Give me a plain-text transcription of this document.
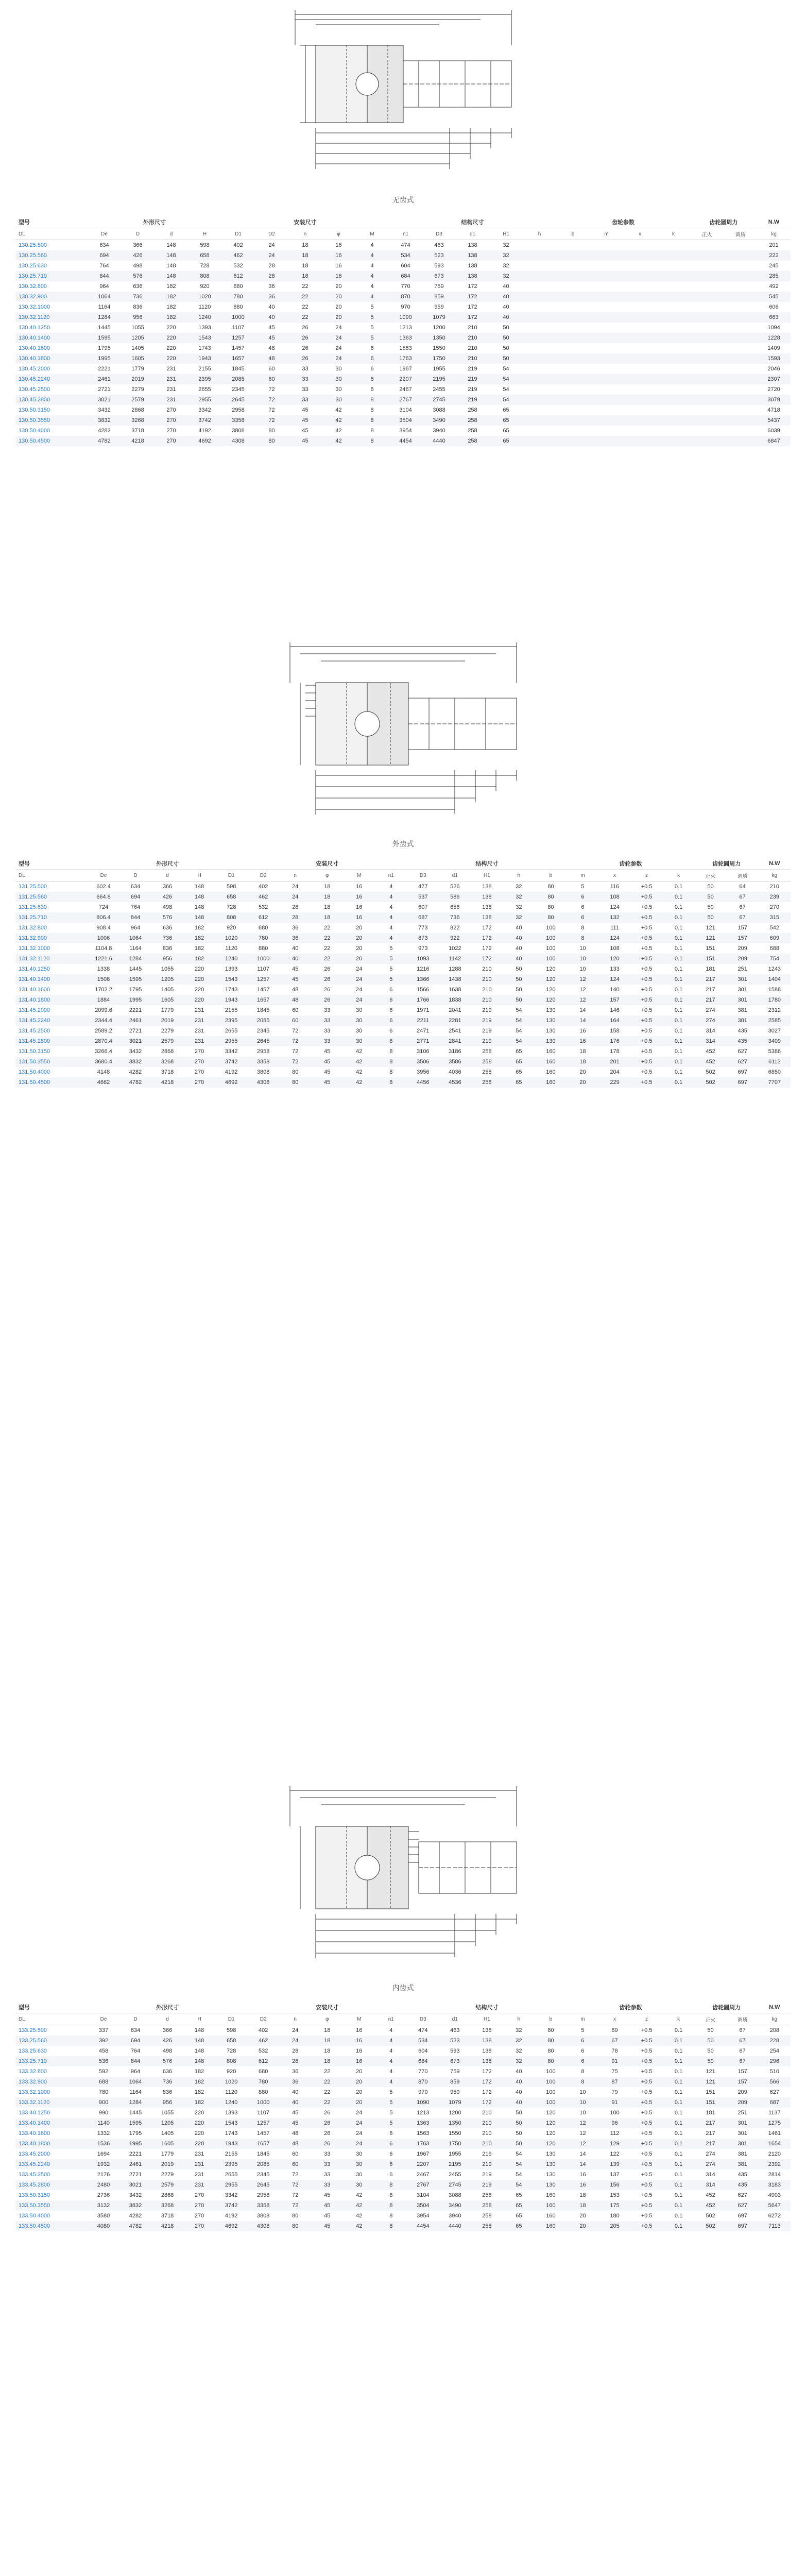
无齿式
型号	外形尺寸				安装尺寸					结构尺寸					齿轮参数				齿轮圆周力		N.W
DL	De	D	d	H	D1	D2	n	φ	M	n1	D3	d1	H1	h	b	m	x	k	正火	调质	kg
130.25.500	634	366	148	598	402	24	18	16	4	474	463	138	32								201
130.25.560	694	426	148	658	462	24	18	16	4	534	523	138	32								222
130.25.630	764	498	148	728	532	28	18	16	4	604	593	138	32								245
130.25.710	844	576	148	808	612	28	18	16	4	684	673	138	32								285
130.32.800	964	636	182	920	680	36	22	20	4	770	759	172	40								492
130.32.900	1064	736	182	1020	780	36	22	20	4	870	859	172	40								545
130.32.1000	1164	836	182	1120	880	40	22	20	5	970	959	172	40								606
130.32.1120	1284	956	182	1240	1000	40	22	20	5	1090	1079	172	40								663
130.40.1250	1445	1055	220	1393	1107	45	26	24	5	1213	1200	210	50								1094
130.40.1400	1595	1205	220	1543	1257	45	26	24	5	1363	1350	210	50								1228
130.40.1600	1795	1405	220	1743	1457	48	26	24	6	1563	1550	210	50								1409
130.40.1800	1995	1605	220	1943	1657	48	26	24	6	1763	1750	210	50								1593
130.45.2000	2221	1779	231	2155	1845	60	33	30	6	1967	1955	219	54								2046
130.45.2240	2461	2019	231	2395	2085	60	33	30	6	2207	2195	219	54								2307
130.45.2500	2721	2279	231	2655	2345	72	33	30	6	2467	2455	219	54								2720
130.45.2800	3021	2579	231	2955	2645	72	33	30	8	2767	2745	219	54								3079
130.50.3150	3432	2868	270	3342	2958	72	45	42	8	3104	3088	258	65								4718
130.50.3550	3832	3268	270	3742	3358	72	45	42	8	3504	3490	258	65								5437
130.50.4000	4282	3718	270	4192	3808	80	45	42	8	3954	3940	258	65								6039
130.50.4500	4782	4218	270	4692	4308	80	45	42	8	4454	4440	258	65								6847
外齿式
型号	外形尺寸					安装尺寸					结构尺寸					齿轮参数				齿轮圆周力		N.W
DL	De	D	d	H	D1	D2	n	φ	M	n1	D3	d1	H1	h	b	m	x	z	k	正火	调质	kg
131.25.500	602.4	634	366	148	598	402	24	18	16	4	477	526	138	32	80	5	116	+0.5	0.1	50	64	210
131.25.560	664.8	694	426	148	658	462	24	18	16	4	537	586	138	32	80	6	108	+0.5	0.1	50	67	239
131.25.630	724	764	498	148	728	532	28	18	16	4	607	656	138	32	80	6	124	+0.5	0.1	50	67	270
131.25.710	806.4	844	576	148	808	612	28	18	16	4	687	736	138	32	80	6	132	+0.5	0.1	50	67	315
131.32.800	908.4	964	636	182	920	680	36	22	20	4	773	822	172	40	100	8	111	+0.5	0.1	121	157	542
131.32.900	1006	1064	736	182	1020	780	36	22	20	4	873	922	172	40	100	8	124	+0.5	0.1	121	157	609
131.32.1000	1104.8	1164	836	182	1120	880	40	22	20	5	973	1022	172	40	100	10	108	+0.5	0.1	151	209	688
131.32.1120	1221.6	1284	956	182	1240	1000	40	22	20	5	1093	1142	172	40	100	10	120	+0.5	0.1	151	209	754
131.40.1250	1338	1445	1055	220	1393	1107	45	26	24	5	1216	1288	210	50	120	10	133	+0.5	0.1	181	251	1243
131.40.1400	1508	1595	1205	220	1543	1257	45	26	24	5	1366	1438	210	50	120	12	124	+0.5	0.1	217	301	1404
131.40.1600	1702.2	1795	1405	220	1743	1457	48	26	24	6	1566	1638	210	50	120	12	140	+0.5	0.1	217	301	1588
131.40.1800	1884	1995	1605	220	1943	1657	48	26	24	6	1766	1838	210	50	120	12	157	+0.5	0.1	217	301	1780
131.45.2000	2099.6	2221	1779	231	2155	1845	60	33	30	6	1971	2041	219	54	130	14	146	+0.5	0.1	274	381	2312
131.45.2240	2344.4	2461	2019	231	2395	2085	60	33	30	6	2211	2281	219	54	130	14	164	+0.5	0.1	274	381	2585
131.45.2500	2589.2	2721	2279	231	2655	2345	72	33	30	6	2471	2541	219	54	130	16	158	+0.5	0.1	314	435	3027
131.45.2800	2870.4	3021	2579	231	2955	2645	72	33	30	8	2771	2841	219	54	130	16	176	+0.5	0.1	314	435	3409
131.50.3150	3266.4	3432	2868	270	3342	2958	72	45	42	8	3106	3186	258	65	160	18	178	+0.5	0.1	452	627	5386
131.50.3550	3680.4	3832	3268	270	3742	3358	72	45	42	8	3506	3586	258	65	160	18	201	+0.5	0.1	452	627	6113
131.50.4000	4148	4282	3718	270	4192	3808	80	45	42	8	3956	4036	258	65	160	20	204	+0.5	0.1	502	697	6850
131.50.4500	4662	4782	4218	270	4692	4308	80	45	42	8	4456	4536	258	65	160	20	229	+0.5	0.1	502	697	7707
内齿式
型号	外形尺寸					安装尺寸					结构尺寸					齿轮参数				齿轮圆周力		N.W
DL	De	D	d	H	D1	D2	n	φ	M	n1	D3	d1	H1	h	b	m	x	z	k	正火	调质	kg
133.25.500	337	634	366	148	598	402	24	18	16	4	474	463	138	32	80	5	69	+0.5	0.1	50	67	208
133.25.560	392	694	426	148	658	462	24	18	16	4	534	523	138	32	80	6	67	+0.5	0.1	50	67	228
133.25.630	458	764	498	148	728	532	28	18	16	4	604	593	138	32	80	6	78	+0.5	0.1	50	67	254
133.25.710	536	844	576	148	808	612	28	18	16	4	684	673	138	32	80	6	91	+0.5	0.1	50	67	296
133.32.800	592	964	636	182	920	680	36	22	20	4	770	759	172	40	100	8	75	+0.5	0.1	121	157	510
133.32.900	688	1064	736	182	1020	780	36	22	20	4	870	859	172	40	100	8	87	+0.5	0.1	121	157	566
133.32.1000	780	1164	836	182	1120	880	40	22	20	5	970	959	172	40	100	10	79	+0.5	0.1	151	209	627
133.32.1120	900	1284	956	182	1240	1000	40	22	20	5	1090	1079	172	40	100	10	91	+0.5	0.1	151	209	687
133.40.1250	990	1445	1055	220	1393	1107	45	26	24	5	1213	1200	210	50	120	10	100	+0.5	0.1	181	251	1137
133.40.1400	1140	1595	1205	220	1543	1257	45	26	24	5	1363	1350	210	50	120	12	96	+0.5	0.1	217	301	1275
133.40.1600	1332	1795	1405	220	1743	1457	48	26	24	6	1563	1550	210	50	120	12	112	+0.5	0.1	217	301	1461
133.40.1800	1536	1995	1605	220	1943	1657	48	26	24	6	1763	1750	210	50	120	12	129	+0.5	0.1	217	301	1654
133.45.2000	1694	2221	1779	231	2155	1845	60	33	30	6	1967	1955	219	54	130	14	122	+0.5	0.1	274	381	2120
133.45.2240	1932	2461	2019	231	2395	2085	60	33	30	6	2207	2195	219	54	130	14	139	+0.5	0.1	274	381	2392
133.45.2500	2176	2721	2279	231	2655	2345	72	33	30	6	2467	2455	219	54	130	16	137	+0.5	0.1	314	435	2814
133.45.2800	2480	3021	2579	231	2955	2645	72	33	30	8	2767	2745	219	54	130	16	156	+0.5	0.1	314	435	3183
133.50.3150	2736	3432	2868	270	3342	2958	72	45	42	8	3104	3088	258	65	160	18	153	+0.5	0.1	452	627	4903
133.50.3550	3132	3832	3268	270	3742	3358	72	45	42	8	3504	3490	258	65	160	18	175	+0.5	0.1	452	627	5647
133.50.4000	3580	4282	3718	270	4192	3808	80	45	42	8	3954	3940	258	65	160	20	180	+0.5	0.1	502	697	6272
133.50.4500	4080	4782	4218	270	4692	4308	80	45	42	8	4454	4440	258	65	160	20	205	+0.5	0.1	502	697	7113
